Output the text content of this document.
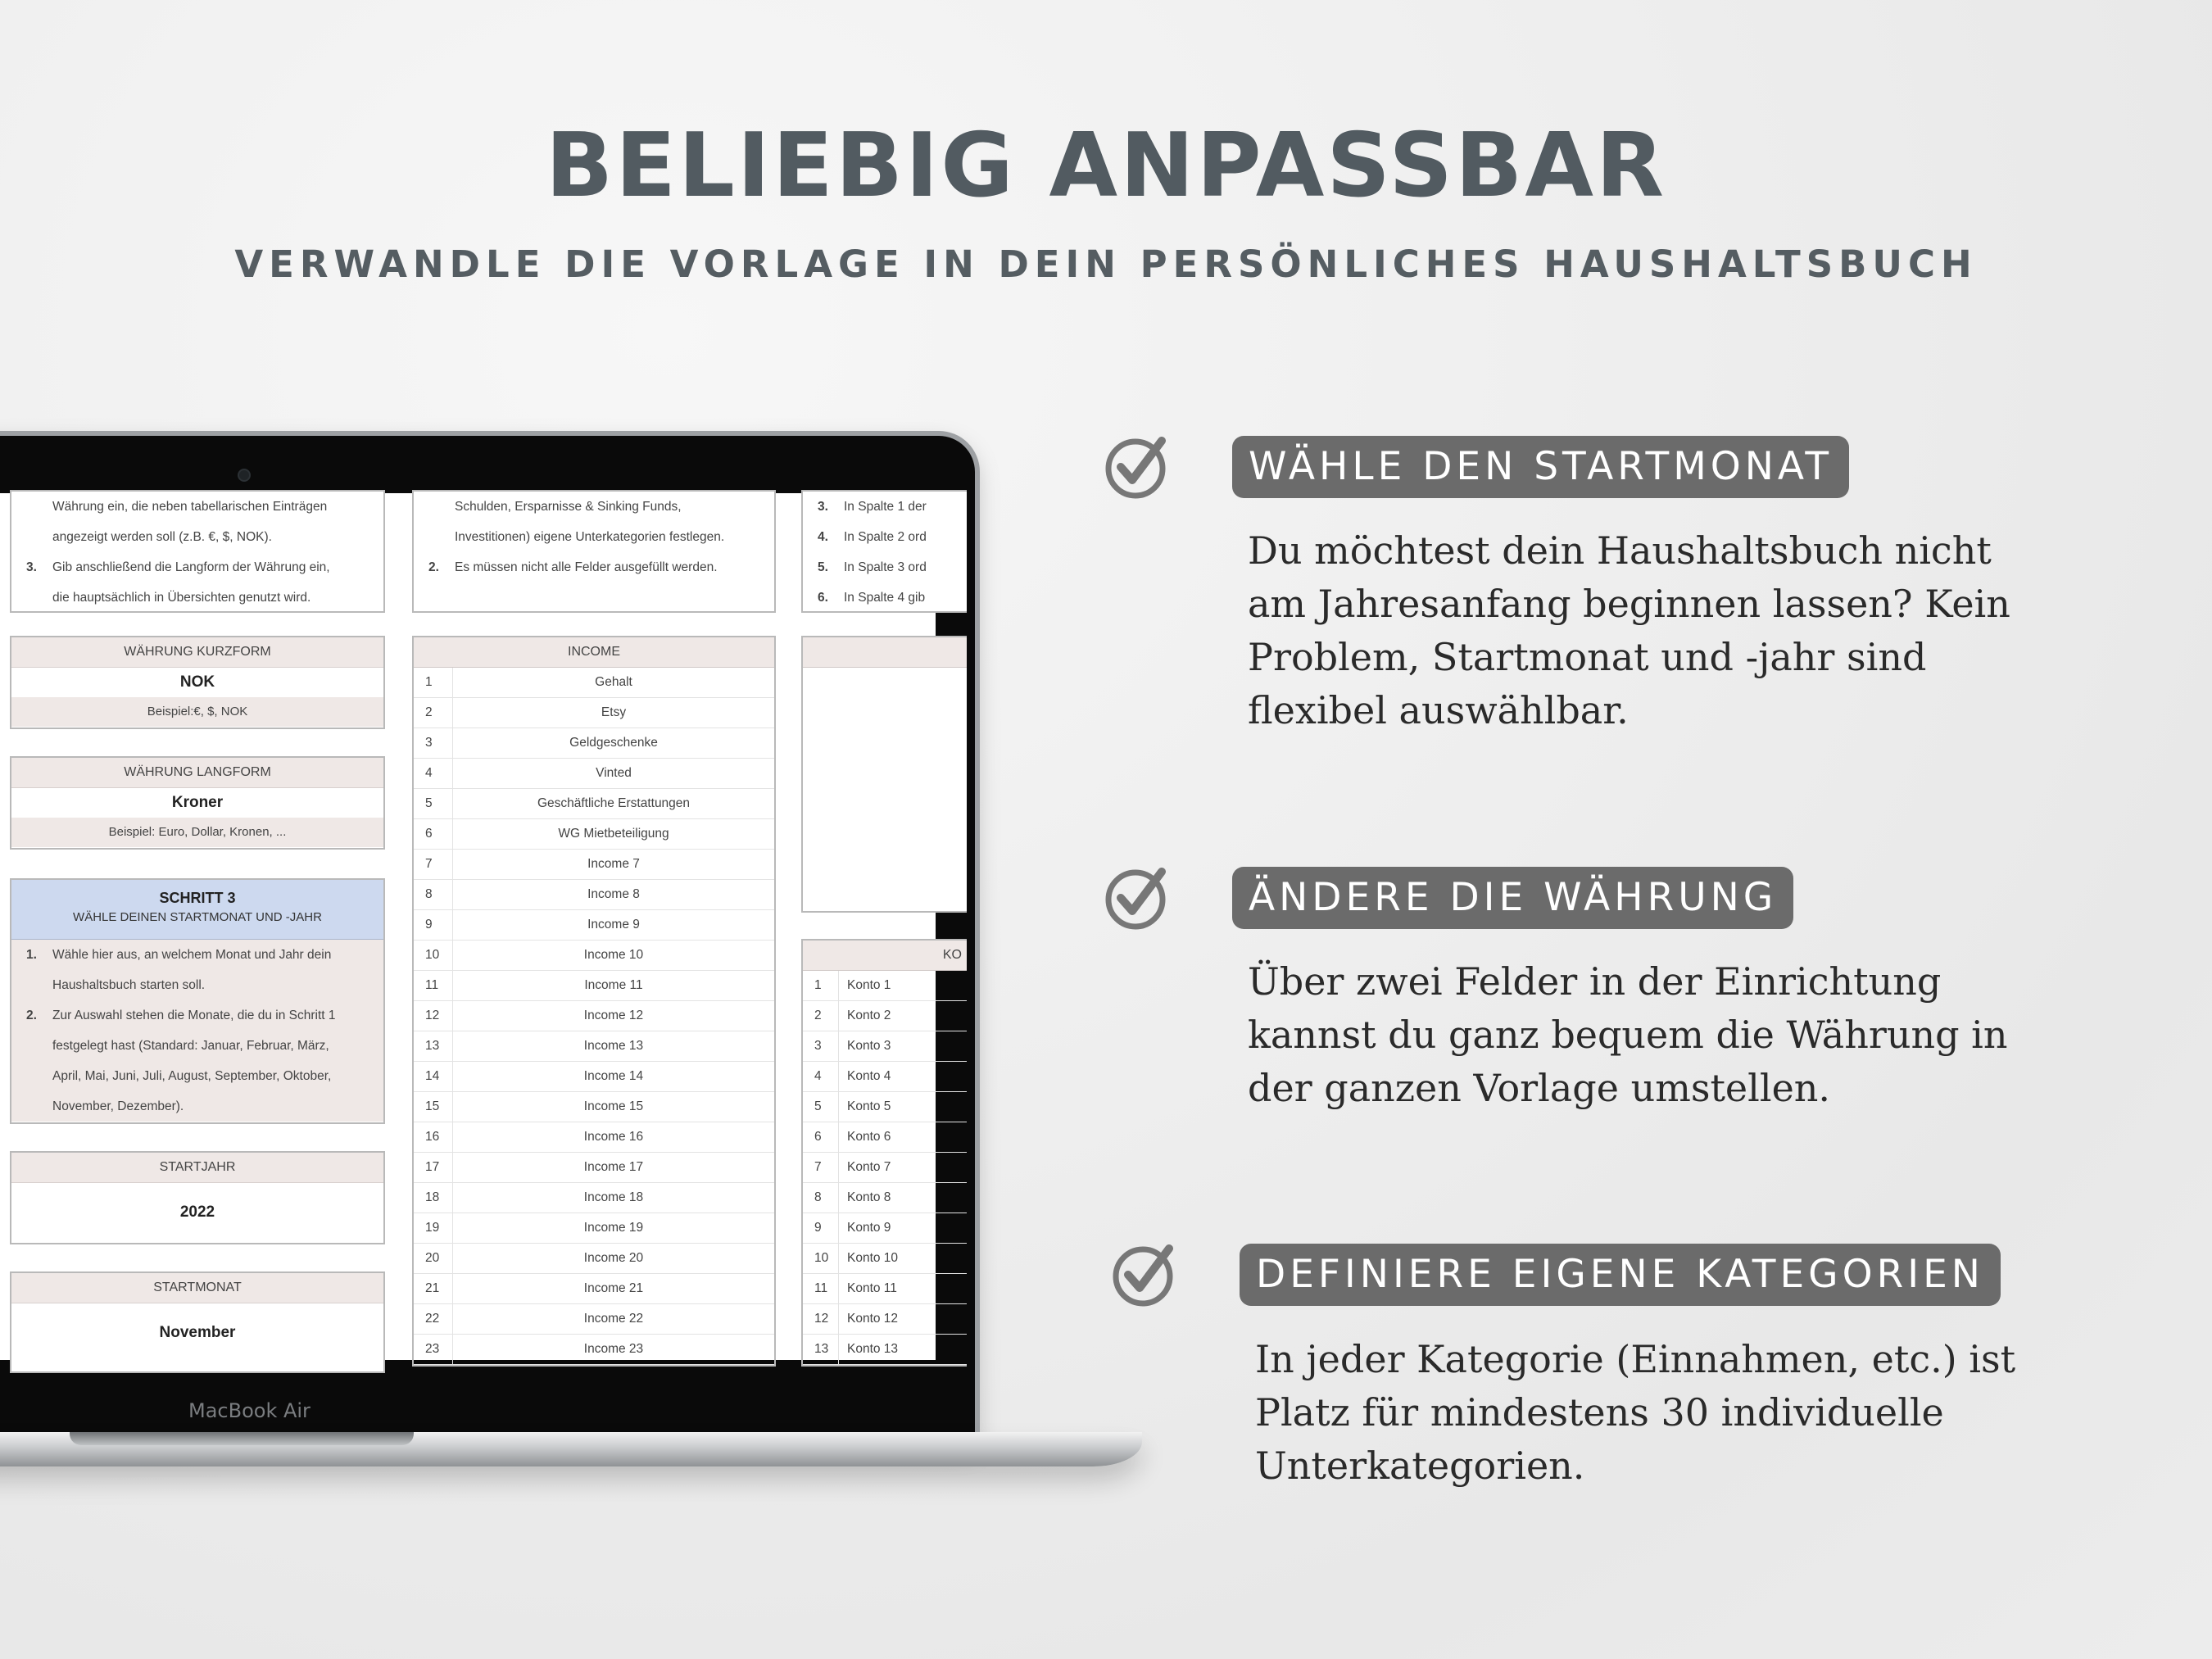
BELIEBIG ANPASSBAR
VERWANDLE DIE VORLAGE IN DEIN PERSÖNLICHES HAUSHALTSBUCH
Währung ein, die neben tabellarischen Einträgen
angezeigt werden soll (z.B. €, $, NOK).
3. Gib anschließend die Langform der Währung ein,
die hauptsächlich in Übersichten genutzt wird.
WÄHRUNG KURZFORM
NOK
Beispiel:€, $, NOK
WÄHRUNG LANGFORM
Kroner
Beispiel: Euro, Dollar, Kronen, ...
SCHRITT 3
WÄHLE DEINEN STARTMONAT UND -JAHR
1. Wähle hier aus, an welchem Monat und Jahr dein
Haushaltsbuch starten soll.
2. Zur Auswahl stehen die Monate, die du in Schritt 1
festgelegt hast (Standard: Januar, Februar, März,
April, Mai, Juni, Juli, August, September, Oktober,
November, Dezember).
STARTJAHR
2022
STARTMONAT
November
Schulden, Ersparnisse & Sinking Funds,
Investitionen) eigene Unterkategorien festlegen.
2. Es müssen nicht alle Felder ausgefüllt werden.
INCOME
1	Gehalt
2	Etsy
3	Geldgeschenke
4	Vinted
5	Geschäftliche Erstattungen
6	WG Mietbeteiligung
7	Income 7
8	Income 8
9	Income 9
10	Income 10
11	Income 11
12	Income 12
13	Income 13
14	Income 14
15	Income 15
16	Income 16
17	Income 17
18	Income 18
19	Income 19
20	Income 20
21	Income 21
22	Income 22
23	Income 23
3. In Spalte 1 der
4. In Spalte 2 ord
5. In Spalte 3 ord
6. In Spalte 4 gib
KO
1	Konto 1
2	Konto 2
3	Konto 3
4	Konto 4
5	Konto 5
6	Konto 6
7	Konto 7
8	Konto 8
9	Konto 9
10	Konto 10
11	Konto 11
12	Konto 12
13	Konto 13
MacBook Air
WÄHLE DEN STARTMONAT
Du möchtest dein Haushaltsbuch nicht am Jahresanfang beginnen lassen? Kein Problem, Startmonat und -jahr sind flexibel auswählbar.
ÄNDERE DIE WÄHRUNG
Über zwei Felder in der Einrichtung kannst du ganz bequem die Währung in der ganzen Vorlage umstellen.
DEFINIERE EIGENE KATEGORIEN
In jeder Kategorie (Einnahmen, etc.) ist Platz für mindestens 30 individuelle Unterkategorien.
